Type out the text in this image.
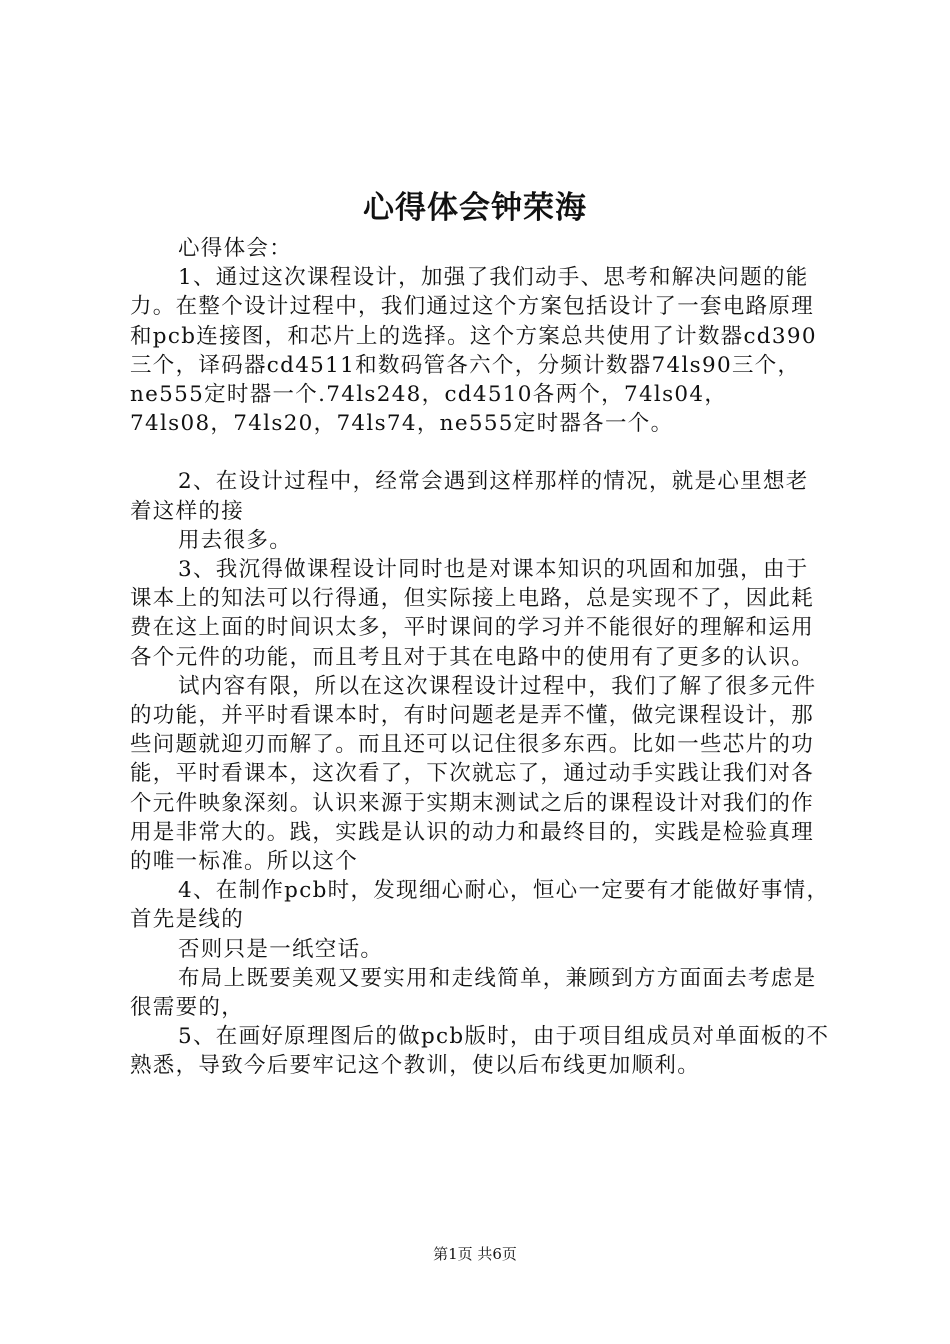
心得体会钟荣海

心得体会：

1、通过这次课程设计，加强了我们动手、思考和解决问题的能力。在整个设计过程中，我们通过这个方案包括设计了一套电路原理和pcb连接图，和芯片上的选择。这个方案总共使用了计数器cd390三个，译码器cd4511和数码管各六个，分频计数器74ls90三个，ne555定时器一个.74ls248，cd4510各两个，74ls04，74ls08，74ls20，74ls74，ne555定时器各一个。

2、在设计过程中，经常会遇到这样那样的情况，就是心里想老着这样的接

用去很多。

3、我沉得做课程设计同时也是对课本知识的巩固和加强，由于课本上的知法可以行得通，但实际接上电路，总是实现不了，因此耗费在这上面的时间识太多，平时课间的学习并不能很好的理解和运用各个元件的功能，而且考且对于其在电路中的使用有了更多的认识。

试内容有限，所以在这次课程设计过程中，我们了解了很多元件的功能，并平时看课本时，有时问题老是弄不懂，做完课程设计，那些问题就迎刃而解了。而且还可以记住很多东西。比如一些芯片的功能，平时看课本，这次看了，下次就忘了，通过动手实践让我们对各个元件映象深刻。认识来源于实期末测试之后的课程设计对我们的作用是非常大的。践，实践是认识的动力和最终目的，实践是检验真理的唯一标准。所以这个

4、在制作pcb时，发现细心耐心，恒心一定要有才能做好事情，首先是线的

否则只是一纸空话。

布局上既要美观又要实用和走线简单，兼顾到方方面面去考虑是很需要的，

5、在画好原理图后的做pcb版时，由于项目组成员对单面板的不熟悉，导致今后要牢记这个教训，使以后布线更加顺利。

第1页 共6页
